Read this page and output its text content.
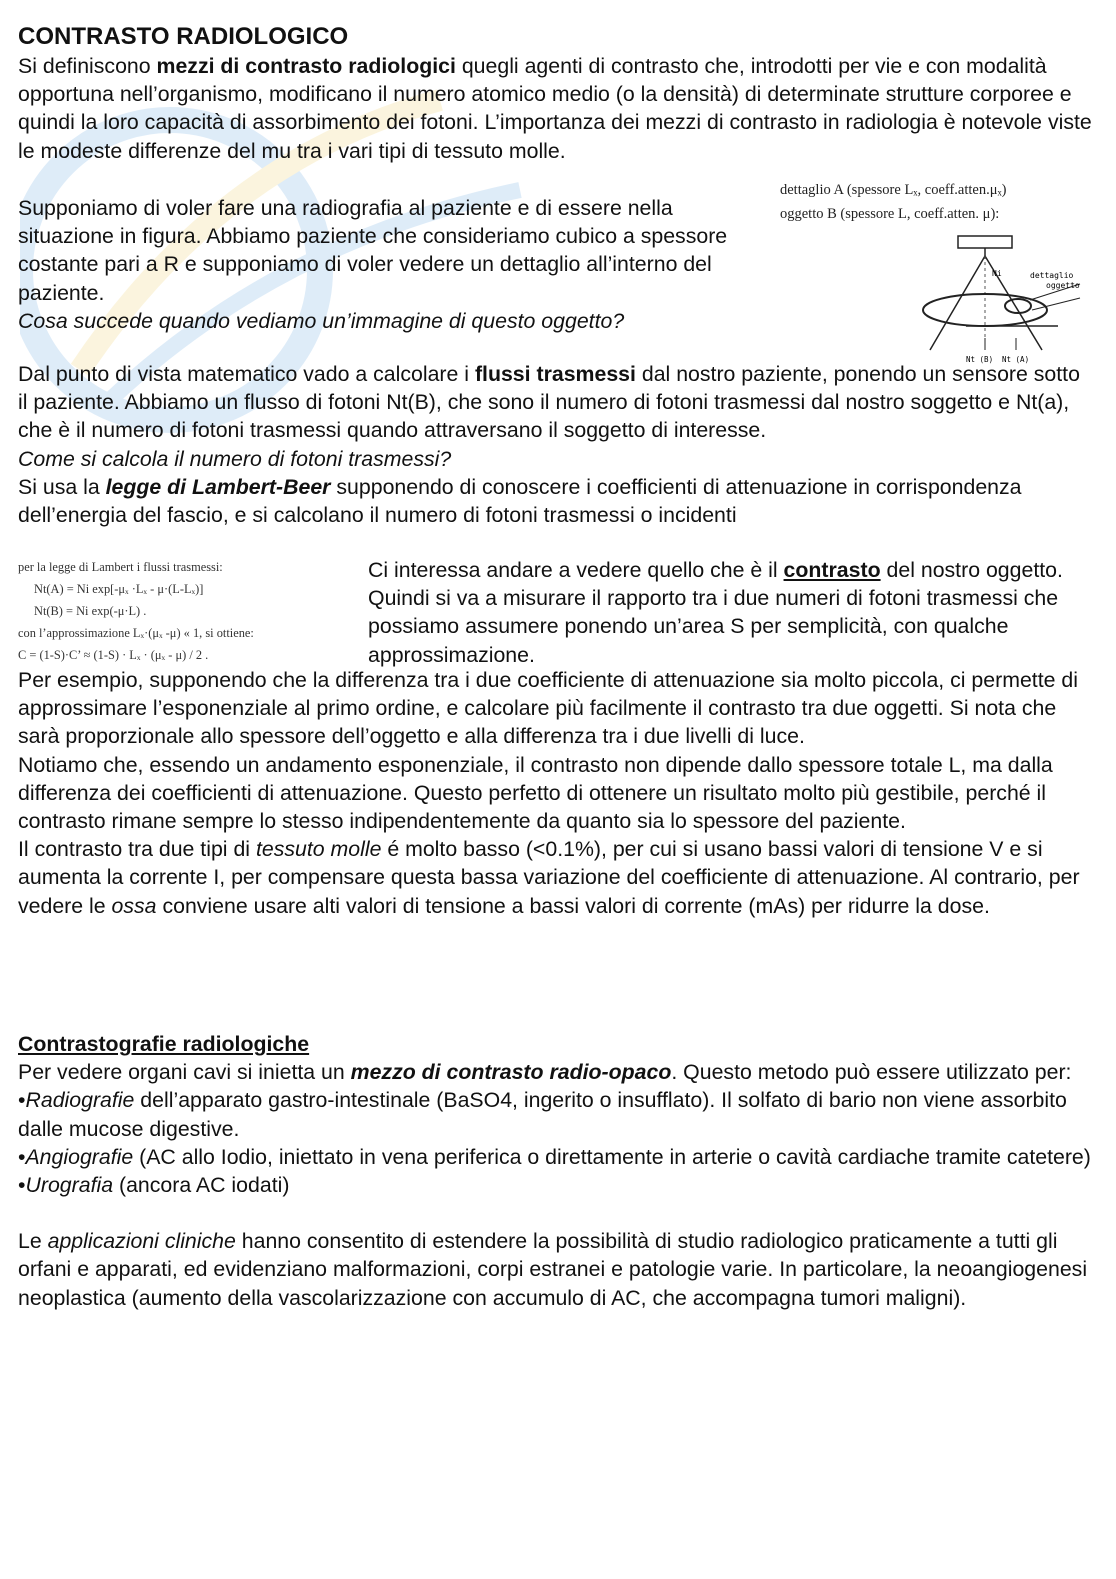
CONTRASTO RADIOLOGICO

Si definiscono mezzi di contrasto radiologici quegli agenti di contrasto che, introdotti per vie e con modalità opportuna nell’organismo, modificano il numero atomico medio (o la densità) di determinate strutture corporee e quindi la loro capacità di assorbimento dei fotoni. L’importanza dei mezzi di contrasto in radiologia è notevole viste le modeste differenze del mu tra i vari tipi di tessuto molle.

Supponiamo di voler fare una radiografia al paziente e di essere nella situazione in figura. Abbiamo paziente che consideriamo cubico a spessore costante pari a R e supponiamo di voler vedere un dettaglio all’interno del paziente.

Cosa succede quando vediamo un’immagine di questo oggetto?

dettaglio A (spessore Lₓ, coeff.atten.μₓ)
oggetto B (spessore L, coeff.atten. μ):
Ni	dettaglio
oggetto
Nt (B) Nt (A)

Dal punto di vista matematico vado a calcolare i flussi trasmessi dal nostro paziente, ponendo un sensore sotto il paziente. Abbiamo un flusso di fotoni Nt(B), che sono il numero di fotoni trasmessi dal nostro soggetto e Nt(a), che è il numero di fotoni trasmessi quando attraversano il soggetto di interesse.

Come si calcola il numero di fotoni trasmessi?

Si usa la legge di Lambert-Beer supponendo di conoscere i coefficienti di attenuazione in corrispondenza dell’energia del fascio, e si calcolano il numero di fotoni trasmessi o incidenti

per la legge di Lambert i flussi trasmessi:
Nt(A) = Ni exp[-μₓ ·Lₓ - μ·(L-Lₓ)]
Nt(B) = Ni exp(-μ·L) .
con l’approssimazione Lₓ·(μₓ -μ) « 1, si ottiene:
C = (1-S)·C’ ≈ (1-S) · Lₓ · (μₓ - μ) / 2 .

Ci interessa andare a vedere quello che è il contrasto del nostro oggetto. Quindi si va a misurare il rapporto tra i due numeri di fotoni trasmessi che possiamo assumere ponendo un’area S per semplicità, con qualche approssimazione.

Per esempio, supponendo che la differenza tra i due coefficiente di attenuazione sia molto piccola, ci permette di approssimare l’esponenziale al primo ordine, e calcolare più facilmente il contrasto tra due oggetti. Si nota che sarà proporzionale allo spessore dell’oggetto e alla differenza tra i due livelli di luce.

Notiamo che, essendo un andamento esponenziale, il contrasto non dipende dallo spessore totale L, ma dalla differenza dei coefficienti di attenuazione. Questo perfetto di ottenere un risultato molto più gestibile, perché il contrasto rimane sempre lo stesso indipendentemente da quanto sia lo spessore del paziente.

Il contrasto tra due tipi di tessuto molle é molto basso (<0.1%), per cui si usano bassi valori di tensione V e si aumenta la corrente I, per compensare questa bassa variazione del coefficiente di attenuazione. Al contrario, per vedere le ossa conviene usare alti valori di tensione a bassi valori di corrente (mAs) per ridurre la dose.

Contrastografie radiologiche

Per vedere organi cavi si inietta un mezzo di contrasto radio-opaco. Questo metodo può essere utilizzato per:

•Radiografie dell’apparato gastro-intestinale (BaSO4, ingerito o insufflato). Il solfato di bario non viene assorbito dalle mucose digestive.

•Angiografie (AC allo Iodio, iniettato in vena periferica o direttamente in arterie o cavità cardiache tramite catetere)

•Urografia (ancora AC iodati)

Le applicazioni cliniche hanno consentito di estendere la possibilità di studio radiologico praticamente a tutti gli orfani e apparati, ed evidenziano malformazioni, corpi estranei e patologie varie. In particolare, la neoangiogenesi neoplastica (aumento della vascolarizzazione con accumulo di AC, che accompagna tumori maligni).
